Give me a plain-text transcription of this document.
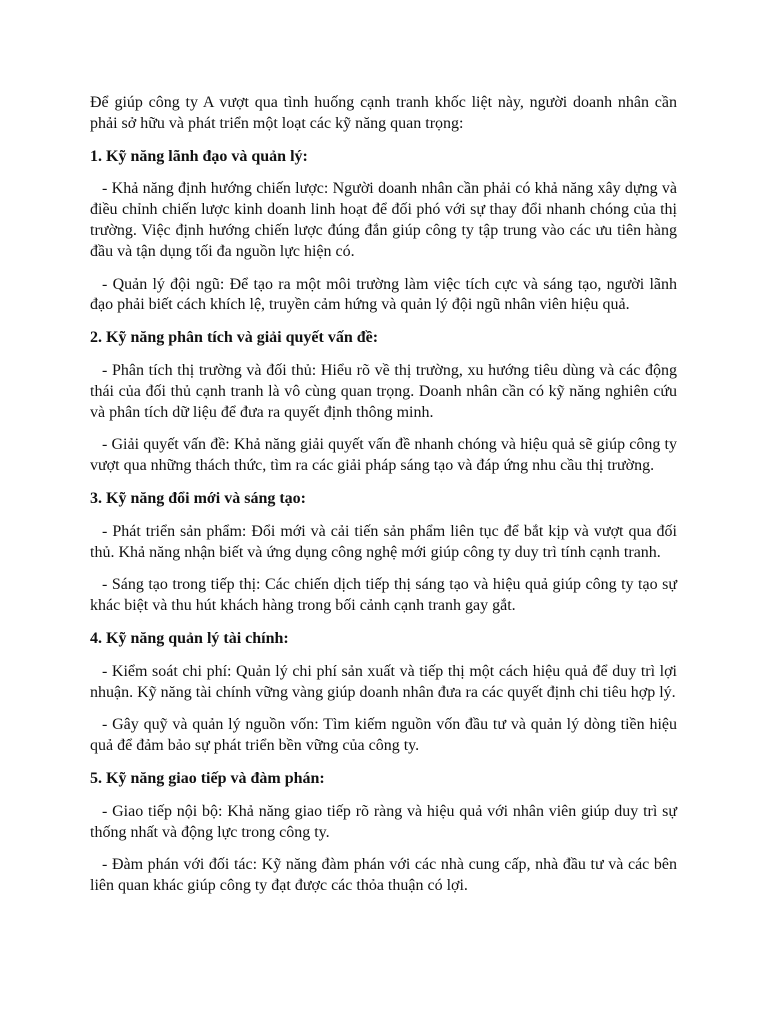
Để giúp công ty A vượt qua tình huống cạnh tranh khốc liệt này, người doanh nhân cần phải sở hữu và phát triển một loạt các kỹ năng quan trọng:

1. Kỹ năng lãnh đạo và quản lý:

- Khả năng định hướng chiến lược: Người doanh nhân cần phải có khả năng xây dựng và điều chỉnh chiến lược kinh doanh linh hoạt để đối phó với sự thay đổi nhanh chóng của thị trường. Việc định hướng chiến lược đúng đắn giúp công ty tập trung vào các ưu tiên hàng đầu và tận dụng tối đa nguồn lực hiện có.

- Quản lý đội ngũ: Để tạo ra một môi trường làm việc tích cực và sáng tạo, người lãnh đạo phải biết cách khích lệ, truyền cảm hứng và quản lý đội ngũ nhân viên hiệu quả.

2. Kỹ năng phân tích và giải quyết vấn đề:

- Phân tích thị trường và đối thủ: Hiểu rõ về thị trường, xu hướng tiêu dùng và các động thái của đối thủ cạnh tranh là vô cùng quan trọng. Doanh nhân cần có kỹ năng nghiên cứu và phân tích dữ liệu để đưa ra quyết định thông minh.

- Giải quyết vấn đề: Khả năng giải quyết vấn đề nhanh chóng và hiệu quả sẽ giúp công ty vượt qua những thách thức, tìm ra các giải pháp sáng tạo và đáp ứng nhu cầu thị trường.

3. Kỹ năng đổi mới và sáng tạo:

- Phát triển sản phẩm: Đổi mới và cải tiến sản phẩm liên tục để bắt kịp và vượt qua đối thủ. Khả năng nhận biết và ứng dụng công nghệ mới giúp công ty duy trì tính cạnh tranh.

- Sáng tạo trong tiếp thị: Các chiến dịch tiếp thị sáng tạo và hiệu quả giúp công ty tạo sự khác biệt và thu hút khách hàng trong bối cảnh cạnh tranh gay gắt.

4. Kỹ năng quản lý tài chính:

- Kiểm soát chi phí: Quản lý chi phí sản xuất và tiếp thị một cách hiệu quả để duy trì lợi nhuận. Kỹ năng tài chính vững vàng giúp doanh nhân đưa ra các quyết định chi tiêu hợp lý.

- Gây quỹ và quản lý nguồn vốn: Tìm kiếm nguồn vốn đầu tư và quản lý dòng tiền hiệu quả để đảm bảo sự phát triển bền vững của công ty.

5. Kỹ năng giao tiếp và đàm phán:

- Giao tiếp nội bộ: Khả năng giao tiếp rõ ràng và hiệu quả với nhân viên giúp duy trì sự thống nhất và động lực trong công ty.

- Đàm phán với đối tác: Kỹ năng đàm phán với các nhà cung cấp, nhà đầu tư và các bên liên quan khác giúp công ty đạt được các thỏa thuận có lợi.
